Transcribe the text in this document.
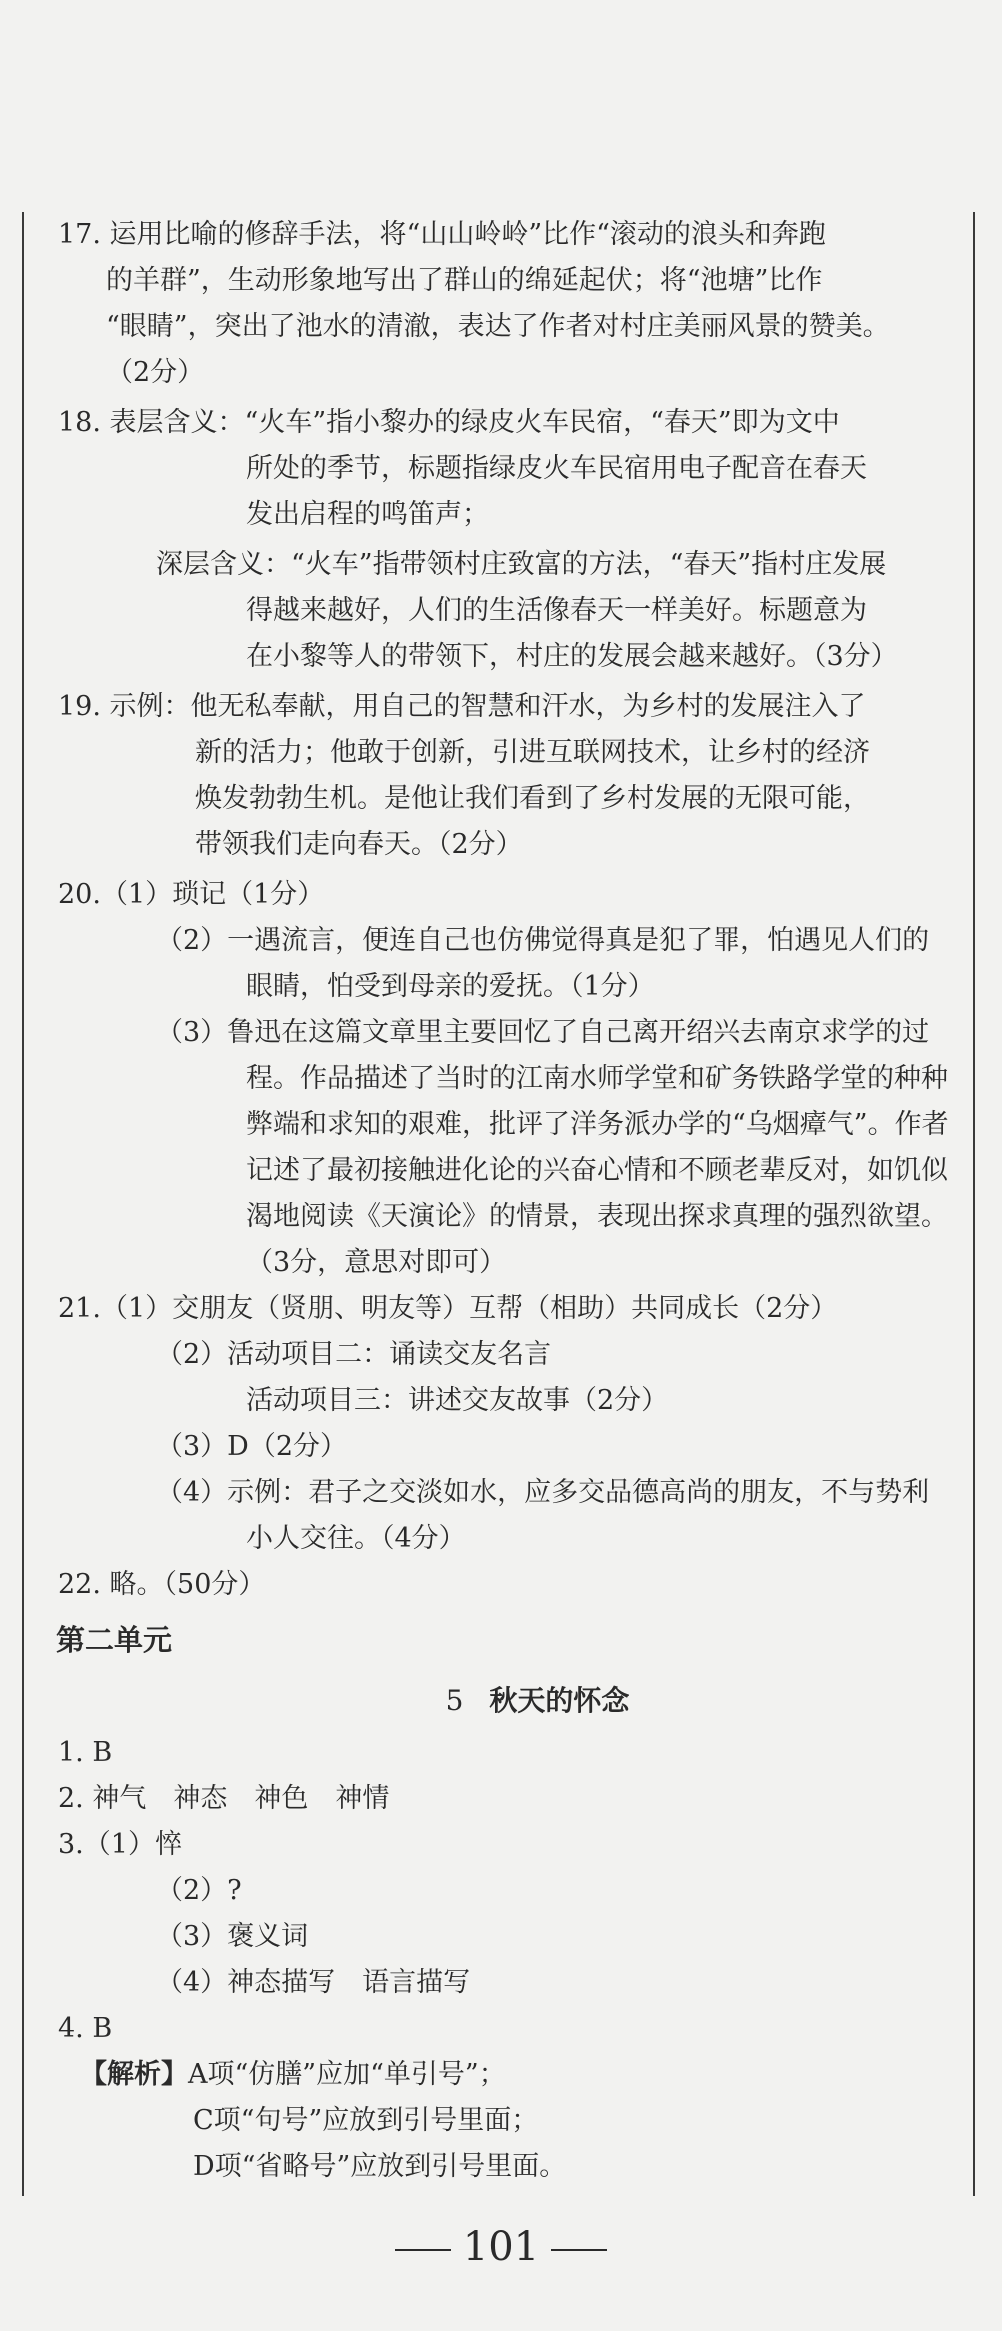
17. 运用比喻的修辞手法，将“山山岭岭”比作“滚动的浪头和奔跑
的羊群”，生动形象地写出了群山的绵延起伏；将“池塘”比作
“眼睛”，突出了池水的清澈，表达了作者对村庄美丽风景的赞美。
（2分）
18. 表层含义：“火车”指小黎办的绿皮火车民宿，“春天”即为文中
所处的季节，标题指绿皮火车民宿用电子配音在春天
发出启程的鸣笛声；
深层含义：“火车”指带领村庄致富的方法，“春天”指村庄发展
得越来越好，人们的生活像春天一样美好。标题意为
在小黎等人的带领下，村庄的发展会越来越好。（3分）
19. 示例：他无私奉献，用自己的智慧和汗水，为乡村的发展注入了
新的活力；他敢于创新，引进互联网技术，让乡村的经济
焕发勃勃生机。是他让我们看到了乡村发展的无限可能，
带领我们走向春天。（2分）
20.（1）琐记（1分）
（2）一遇流言，便连自己也仿佛觉得真是犯了罪，怕遇见人们的
眼睛，怕受到母亲的爱抚。（1分）
（3）鲁迅在这篇文章里主要回忆了自己离开绍兴去南京求学的过
程。作品描述了当时的江南水师学堂和矿务铁路学堂的种种
弊端和求知的艰难，批评了洋务派办学的“乌烟瘴气”。作者
记述了最初接触进化论的兴奋心情和不顾老辈反对，如饥似
渴地阅读《天演论》的情景，表现出探求真理的强烈欲望。
（3分，意思对即可）
21.（1）交朋友（贤朋、明友等）互帮（相助）共同成长（2分）
（2）活动项目二：诵读交友名言
活动项目三：讲述交友故事（2分）
（3）D（2分）
（4）示例：君子之交淡如水，应多交品德高尚的朋友，不与势利
小人交往。（4分）
22. 略。（50分）
第二单元
5 秋天的怀念
1. B
2. 神气　神态　神色　神情
3.（1）悴
（2）?
（3）褒义词
（4）神态描写　语言描写
4. B
【解析】A项“仿膳”应加“单引号”；
C项“句号”应放到引号里面；
D项“省略号”应放到引号里面。
101
